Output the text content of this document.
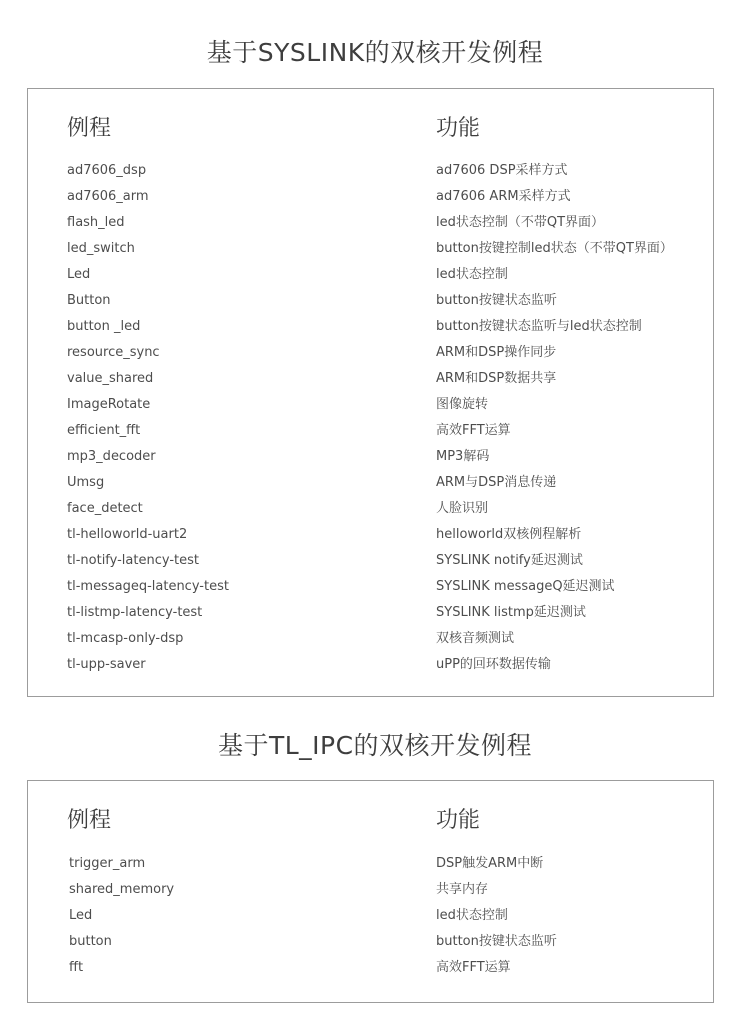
基于SYSLINK的双核开发例程
例程	功能
ad7606_dsp	ad7606 DSP采样方式
ad7606_arm	ad7606 ARM采样方式
flash_led	led状态控制（不带QT界面）
led_switch	button按键控制led状态（不带QT界面）
Led	led状态控制
Button	button按键状态监听
button _led	button按键状态监听与led状态控制
resource_sync	ARM和DSP操作同步
value_shared	ARM和DSP数据共享
ImageRotate	图像旋转
efficient_fft	高效FFT运算
mp3_decoder	MP3解码
Umsg	ARM与DSP消息传递
face_detect	人脸识别
tl-helloworld-uart2	helloworld双核例程解析
tl-notify-latency-test	SYSLINK notify延迟测试
tl-messageq-latency-test	SYSLINK messageQ延迟测试
tl-listmp-latency-test	SYSLINK listmp延迟测试
tl-mcasp-only-dsp	双核音频测试
tl-upp-saver	uPP的回环数据传输
基于TL_IPC的双核开发例程
例程	功能
trigger_arm	DSP触发ARM中断
shared_memory	共享内存
Led	led状态控制
button	button按键状态监听
fft	高效FFT运算
